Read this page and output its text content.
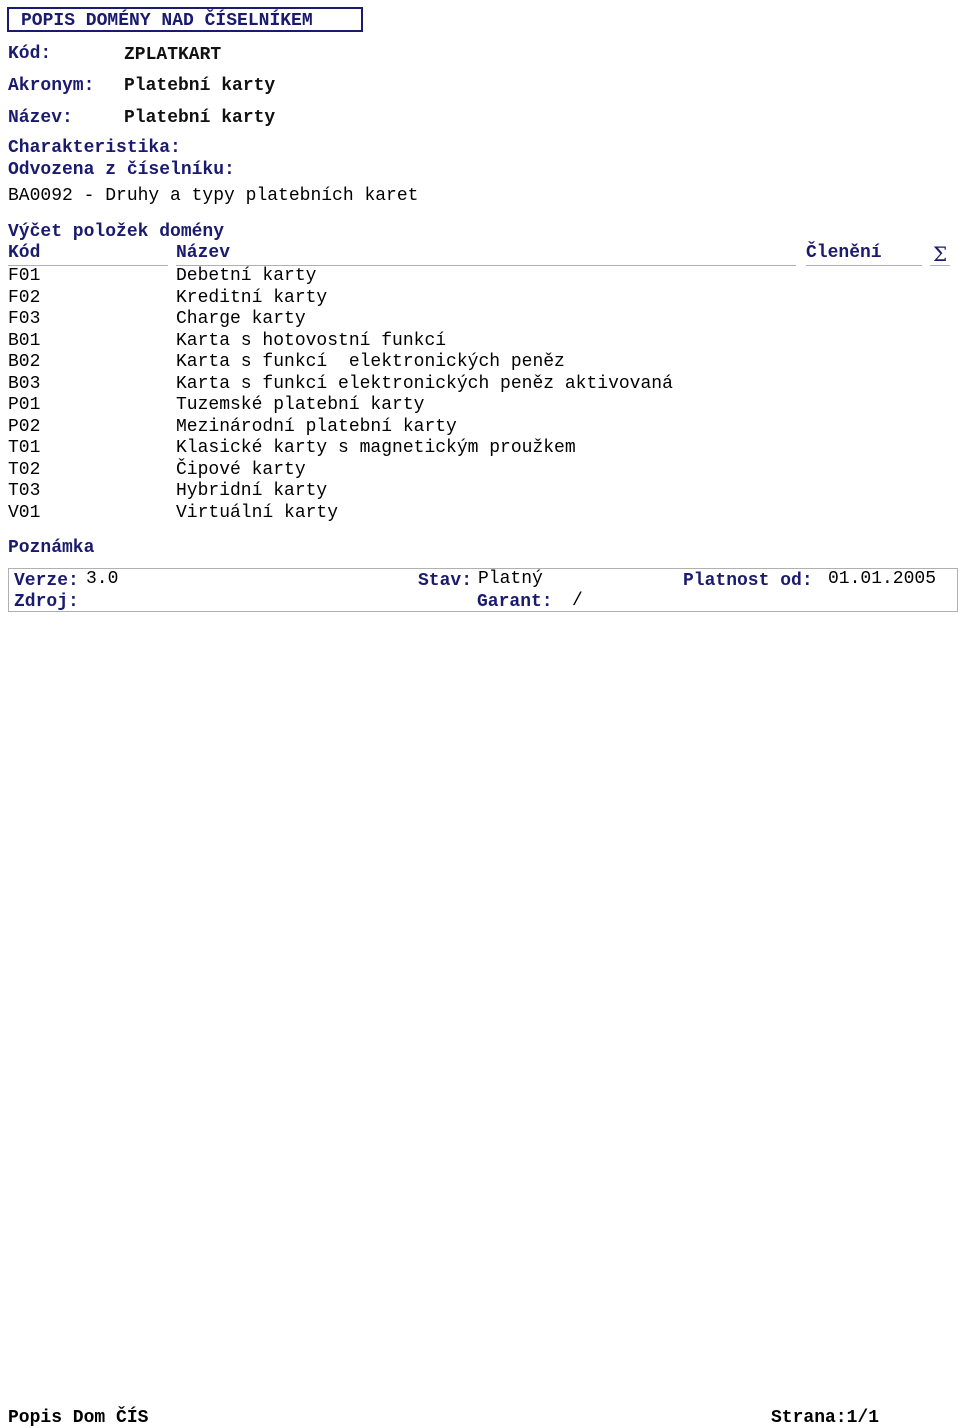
POPIS DOMÉNY NAD ČÍSELNÍKEM
Kód:	ZPLATKART
Akronym: Platební karty
Název:	Platební karty
Charakteristika:
Odvozena z číselníku:
BA0092 - Druhy a typy platebních karet
Výčet položek domény
Kód	Název	Členění	Σ
F01	Debetní karty
F02	Kreditní karty
F03	Charge karty
B01	Karta s hotovostní funkcí
B02	Karta s funkcí  elektronických peněz
B03	Karta s funkcí elektronických peněz aktivovaná
P01	Tuzemské platební karty
P02	Mezinárodní platební karty
T01	Klasické karty s magnetickým proužkem
T02	Čipové karty
T03	Hybridní karty
V01	Virtuální karty
Poznámka
Verze: 3.0	Stav: Platný	Platnost od: 01.01.2005
Zdroj:	Garant: /
Popis Dom ČÍS	Strana:1/1
